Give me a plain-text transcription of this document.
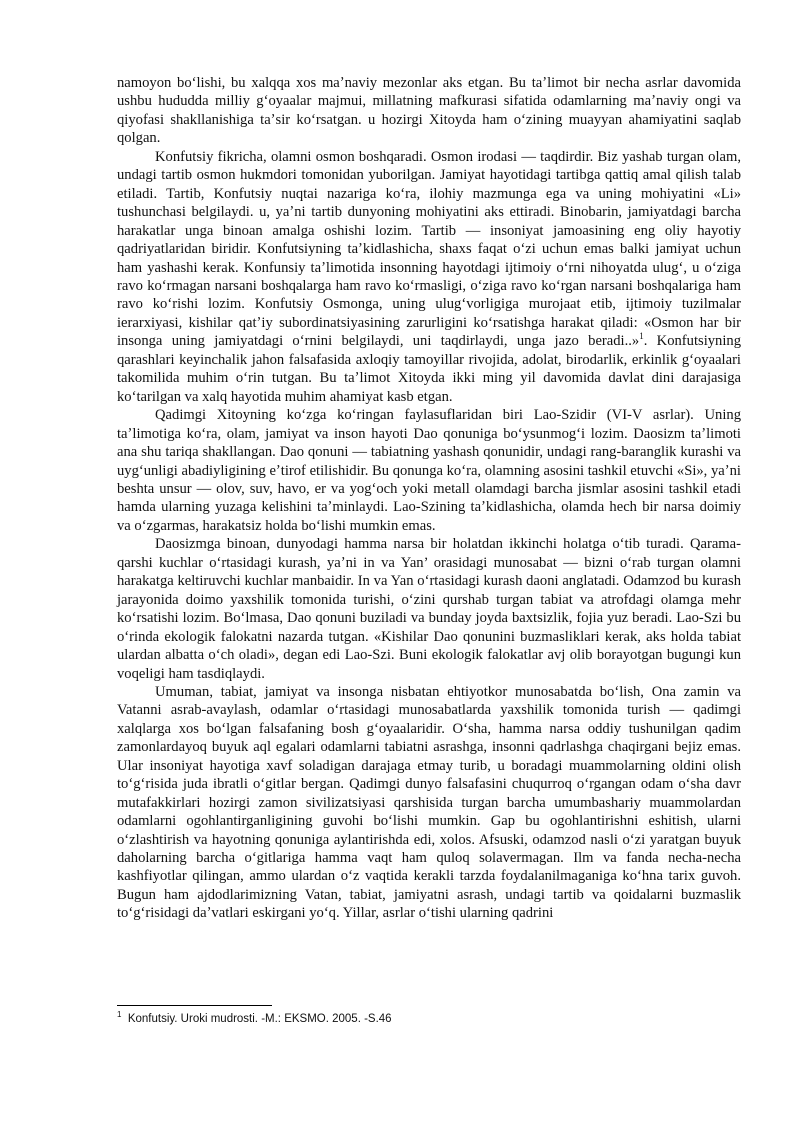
namoyon boʻlishi, bu xalqqa xos maʼnaviy mezonlar aks etgan. Bu taʼlimot bir necha asrlar davomida ushbu hududda milliy gʻoyaalar majmui, millatning mafkurasi sifatida odamlarning maʼnaviy ongi va qiyofasi shakllanishiga taʼsir koʻrsatgan. u hozirgi Xitoyda ham oʻzining muayyan ahamiyatini saqlab qolgan.

Konfutsiy fikricha, olamni osmon boshqaradi. Osmon irodasi — taqdirdir. Biz yashab turgan olam, undagi tartib osmon hukmdori tomonidan yuborilgan. Jamiyat hayotidagi tartibga qattiq amal qilish talab etiladi. Tartib, Konfutsiy nuqtai nazariga koʻra, ilohiy mazmunga ega va uning mohiyatini «Li» tushunchasi belgilaydi. u, yaʼni tartib dunyoning mohiyatini aks ettiradi. Binobarin, jamiyatdagi barcha harakatlar unga binoan amalga oshishi lozim. Tartib — insoniyat jamoasining eng oliy hayotiy qadriyatlaridan biridir. Konfutsiyning taʼkidlashicha, shaxs faqat oʻzi uchun emas balki jamiyat uchun ham yashashi kerak. Konfunsiy taʼlimotida insonning hayotdagi ijtimoiy oʻrni nihoyatda ulugʻ, u oʻziga ravo koʻrmagan narsani boshqalarga ham ravo koʻrmasligi, oʻziga ravo koʻrgan narsani boshqalariga ham ravo koʻrishi lozim. Konfutsiy Osmonga, uning ulugʻvorligiga murojaat etib, ijtimoiy tuzilmalar ierarxiyasi, kishilar qatʼiy subordinatsiyasining zarurligini koʻrsatishga harakat qiladi: «Osmon har bir insonga uning jamiyatdagi oʻrnini belgilaydi, uni taqdirlaydi, unga jazo beradi..»$^1$. Konfutsiyning qarashlari keyinchalik jahon falsafasida axloqiy tamoyillar rivojida, adolat, birodarlik, erkinlik gʻoyaalari takomilida muhim oʻrin tutgan. Bu taʼlimot Xitoyda ikki ming yil davomida davlat dini darajasiga koʻtarilgan va xalq hayotida muhim ahamiyat kasb etgan.

Qadimgi Xitoyning koʻzga koʻringan faylasuflaridan biri Lao-Szidir (VI-V asrlar). Uning taʼlimotiga koʻra, olam, jamiyat va inson hayoti Dao qonuniga boʻysunmogʻi lozim. Daosizm taʼlimoti ana shu tariqa shakllangan. Dao qonuni — tabiatning yashash qonunidir, undagi rang-baranglik kurashi va uygʻunligi abadiyligining eʼtirof etilishidir. Bu qonunga koʻra, olamning asosini tashkil etuvchi «Si», yaʼni beshta unsur — olov, suv, havo, er va yogʻoch yoki metall olamdagi barcha jismlar asosini tashkil etadi hamda ularning yuzaga kelishini taʼminlaydi. Lao-Szining taʼkidlashicha, olamda hech bir narsa doimiy va oʻzgarmas, harakatsiz holda boʻlishi mumkin emas.

Daosizmga binoan, dunyodagi hamma narsa bir holatdan ikkinchi holatga oʻtib turadi. Qarama-qarshi kuchlar oʻrtasidagi kurash, yaʼni in va Yan’ orasidagi munosabat — bizni oʻrab turgan olamni harakatga keltiruvchi kuchlar manbaidir. In va Yan oʻrtasidagi kurash daoni anglatadi. Odamzod bu kurash jarayonida doimo yaxshilik tomonida turishi, oʻzini qurshab turgan tabiat va atrofdagi olamga mehr koʻrsatishi lozim. Boʻlmasa, Dao qonuni buziladi va bunday joyda baxtsizlik, fojia yuz beradi. Lao-Szi bu oʻrinda ekologik falokatni nazarda tutgan. «Kishilar Dao qonunini buzmasliklari kerak, aks holda tabiat ulardan albatta oʻch oladi», degan edi Lao-Szi. Buni ekologik falokatlar avj olib borayotgan bugungi kun voqeligi ham tasdiqlaydi.

Umuman, tabiat, jamiyat va insonga nisbatan ehtiyotkor munosabatda boʻlish, Ona zamin va Vatanni asrab-avaylash, odamlar oʻrtasidagi munosabatlarda yaxshilik tomonida turish — qadimgi xalqlarga xos boʻlgan falsafaning bosh gʻoyaalaridir. Oʻsha, hamma narsa oddiy tushunilgan qadim zamonlardayoq buyuk aql egalari odamlarni tabiatni asrashga, insonni qadrlashga chaqirgani bejiz emas. Ular insoniyat hayotiga xavf soladigan darajaga etmay turib, u boradagi muammolarning oldini olish toʻgʻrisida juda ibratli oʻgitlar bergan. Qadimgi dunyo falsafasini chuqurroq oʻrgangan odam oʻsha davr mutafakkirlari hozirgi zamon sivilizatsiyasi qarshisida turgan barcha umumbashariy muammolardan odamlarni ogohlantirganligining guvohi boʻlishi mumkin. Gap bu ogohlantirishni eshitish, ularni oʻzlashtirish va hayotning qonuniga aylantirishda edi, xolos. Afsuski, odamzod nasli oʻzi yaratgan buyuk daholarning barcha oʻgitlariga hamma vaqt ham quloq solavermagan. Ilm va fanda necha-necha kashfiyotlar qilingan, ammo ulardan oʻz vaqtida kerakli tarzda foydalanilmaganiga koʻhna tarix guvoh. Bugun ham ajdodlarimizning Vatan, tabiat, jamiyatni asrash, undagi tartib va qoidalarni buzmaslik toʻgʻrisidagi daʼvatlari eskirgani yoʻq. Yillar, asrlar oʻtishi ularning qadrini

$^1$ Konfutsiy. Uroki mudrosti. -M.: EKSMO. 2005. -S.46
